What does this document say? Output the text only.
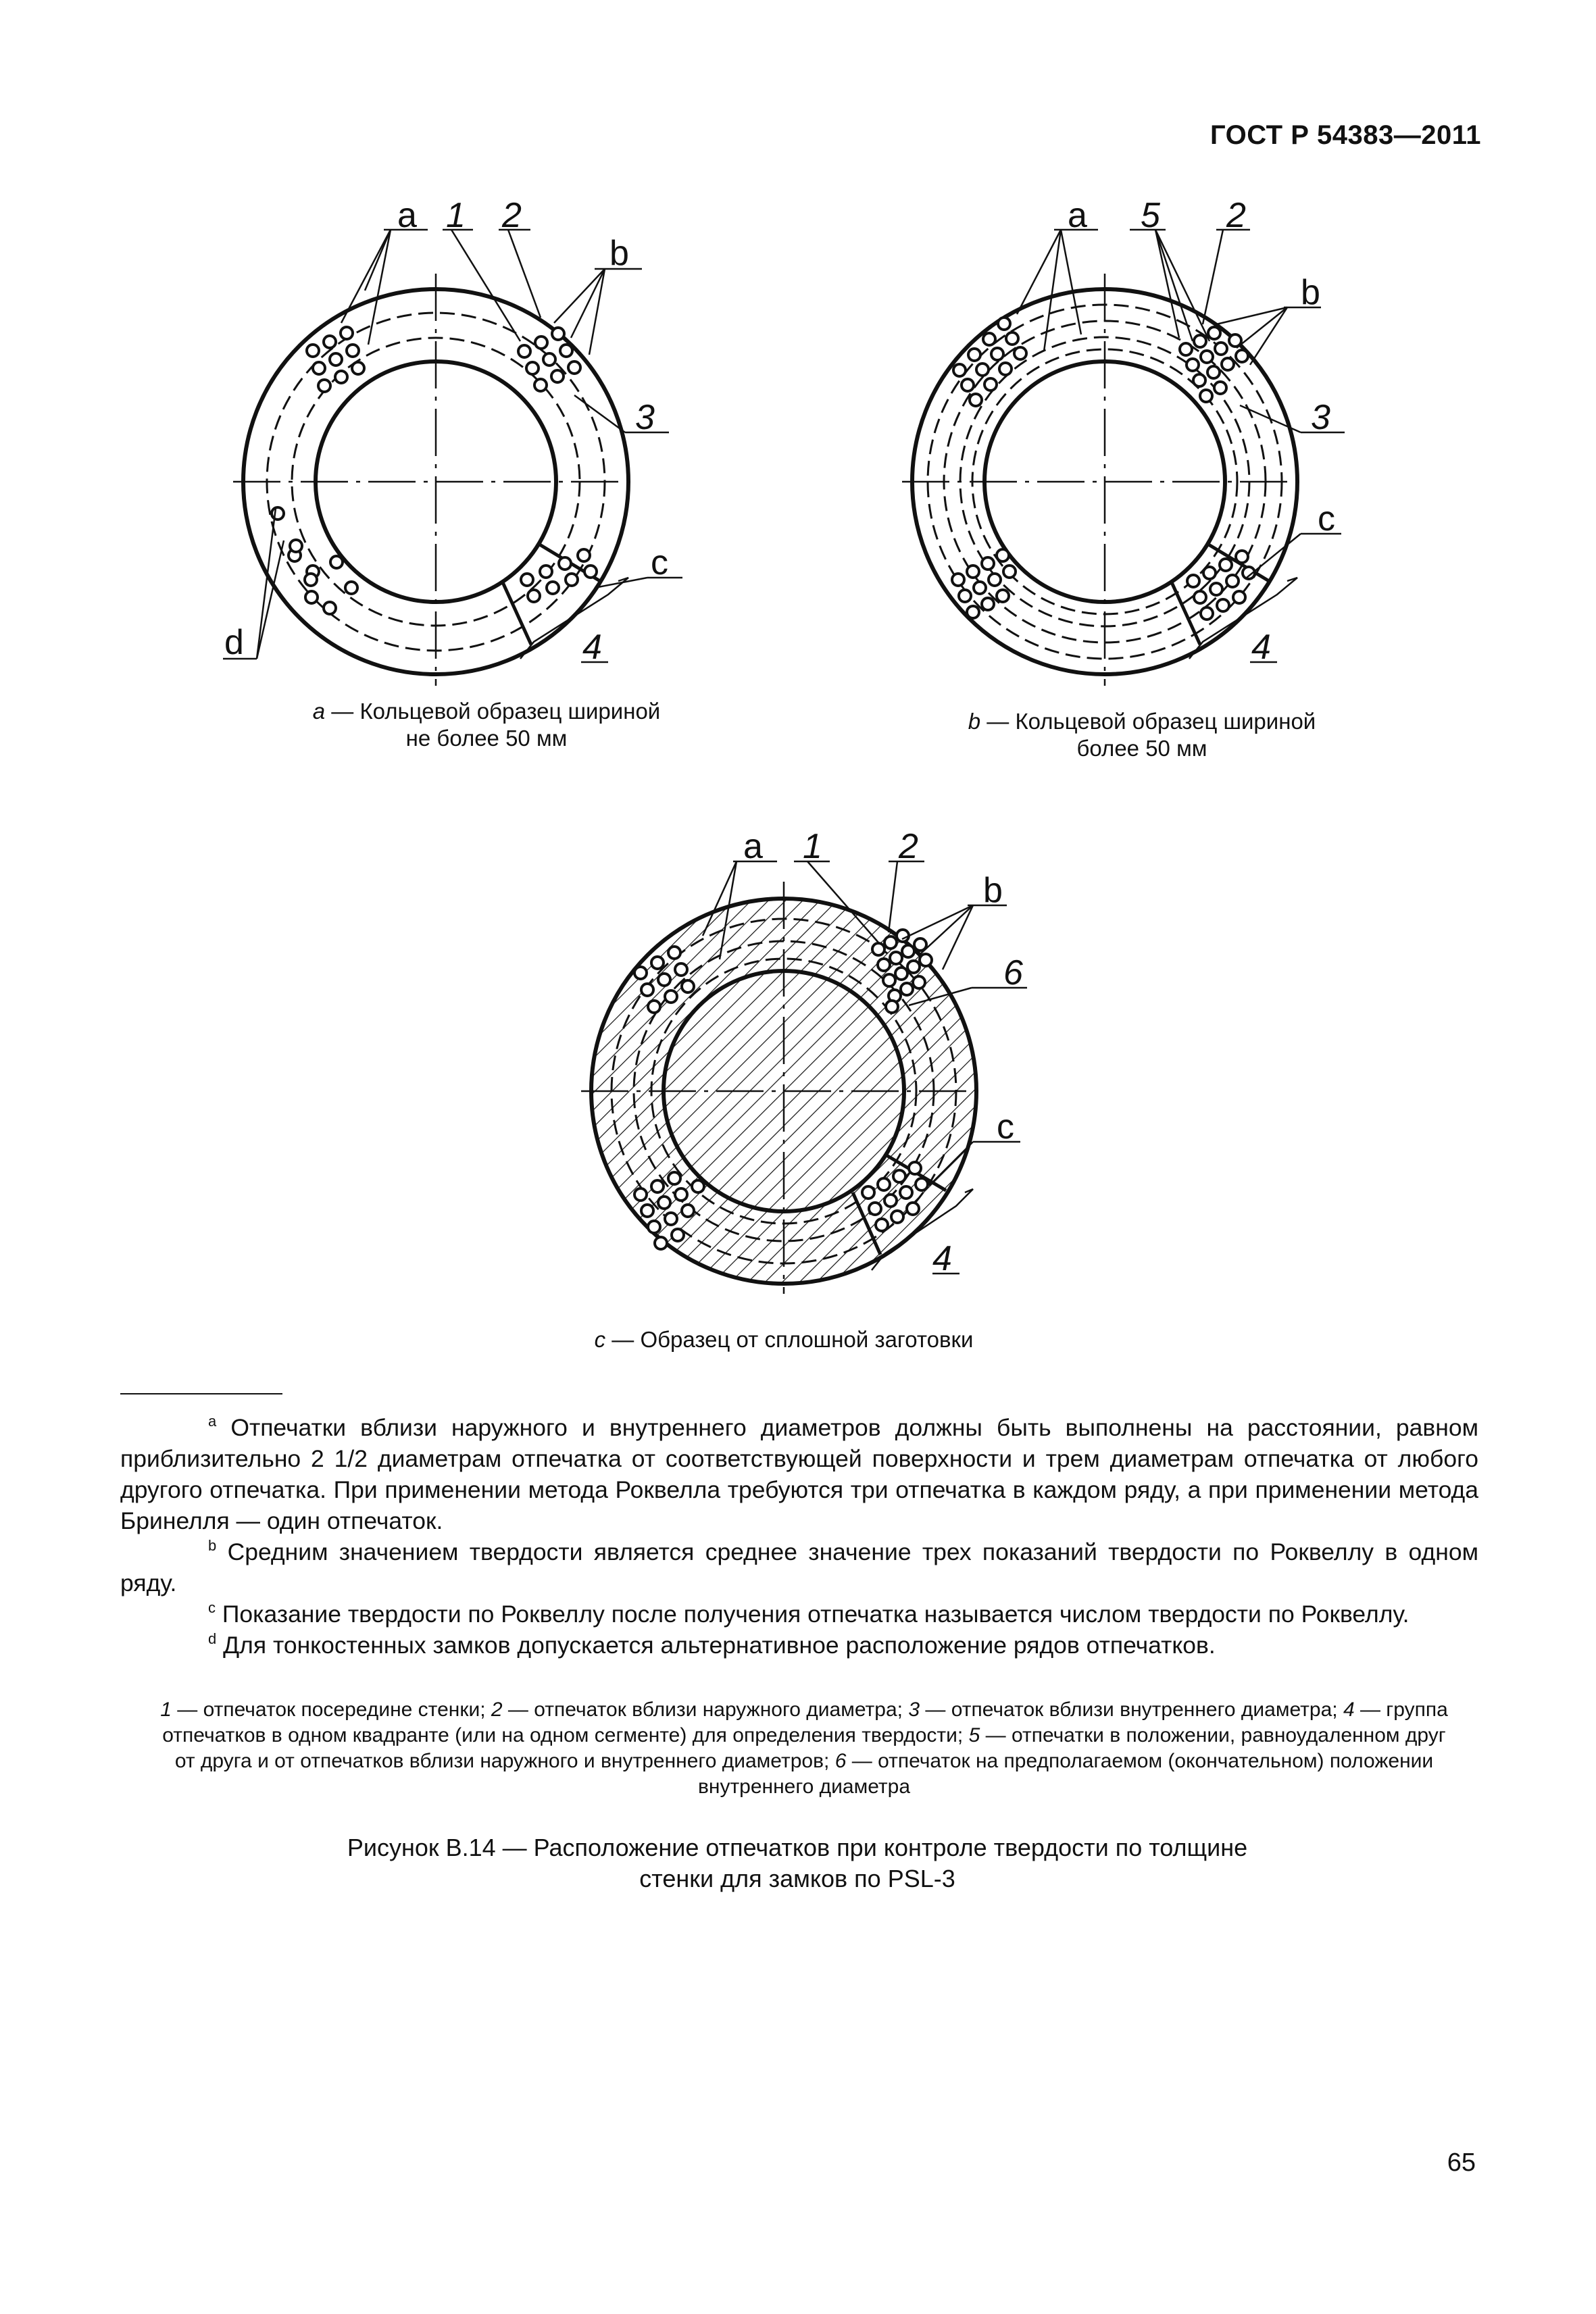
ГОСТ Р 54383—2011
a 1 2
b
3
c
4
d
a 5 2
b
3
c
4
a 1 2
b
6
c
4
a — Кольцевой образец шириной
не более 50 мм
b — Кольцевой образец шириной
более 50 мм
c — Образец от сплошной заготовки

$^a$ Отпечатки вблизи наружного и внутреннего диаметров должны быть выполнены на расстоянии, равном приблизительно 2 1/2 диаметрам отпечатка от соответствующей поверхности и трем диаметрам отпечатка от любого другого отпечатка. При применении метода Роквелла требуются три отпечатка в каждом ряду, а при применении метода Бринелля — один отпечаток.

$^b$ Средним значением твердости является среднее значение трех показаний твердости по Роквеллу в одном ряду.

$^c$ Показание твердости по Роквеллу после получения отпечатка называется числом твердости по Роквеллу.

$^d$ Для тонкостенных замков допускается альтернативное расположение рядов отпечатков.

1 — отпечаток посередине стенки; 2 — отпечаток вблизи наружного диаметра; 3 — отпечаток вблизи внутреннего диаметра; 4 — группа отпечатков в одном квадранте (или на одном сегменте) для определения твердости; 5 — отпечатки в положении, равноудаленном друг от друга и от отпечатков вблизи наружного и внутреннего диаметров; 6 — отпечаток на предполагаемом (окончательном) положении внутреннего диаметра
Рисунок В.14 — Расположение отпечатков при контроле твердости по толщине
стенки для замков по PSL-3
65
